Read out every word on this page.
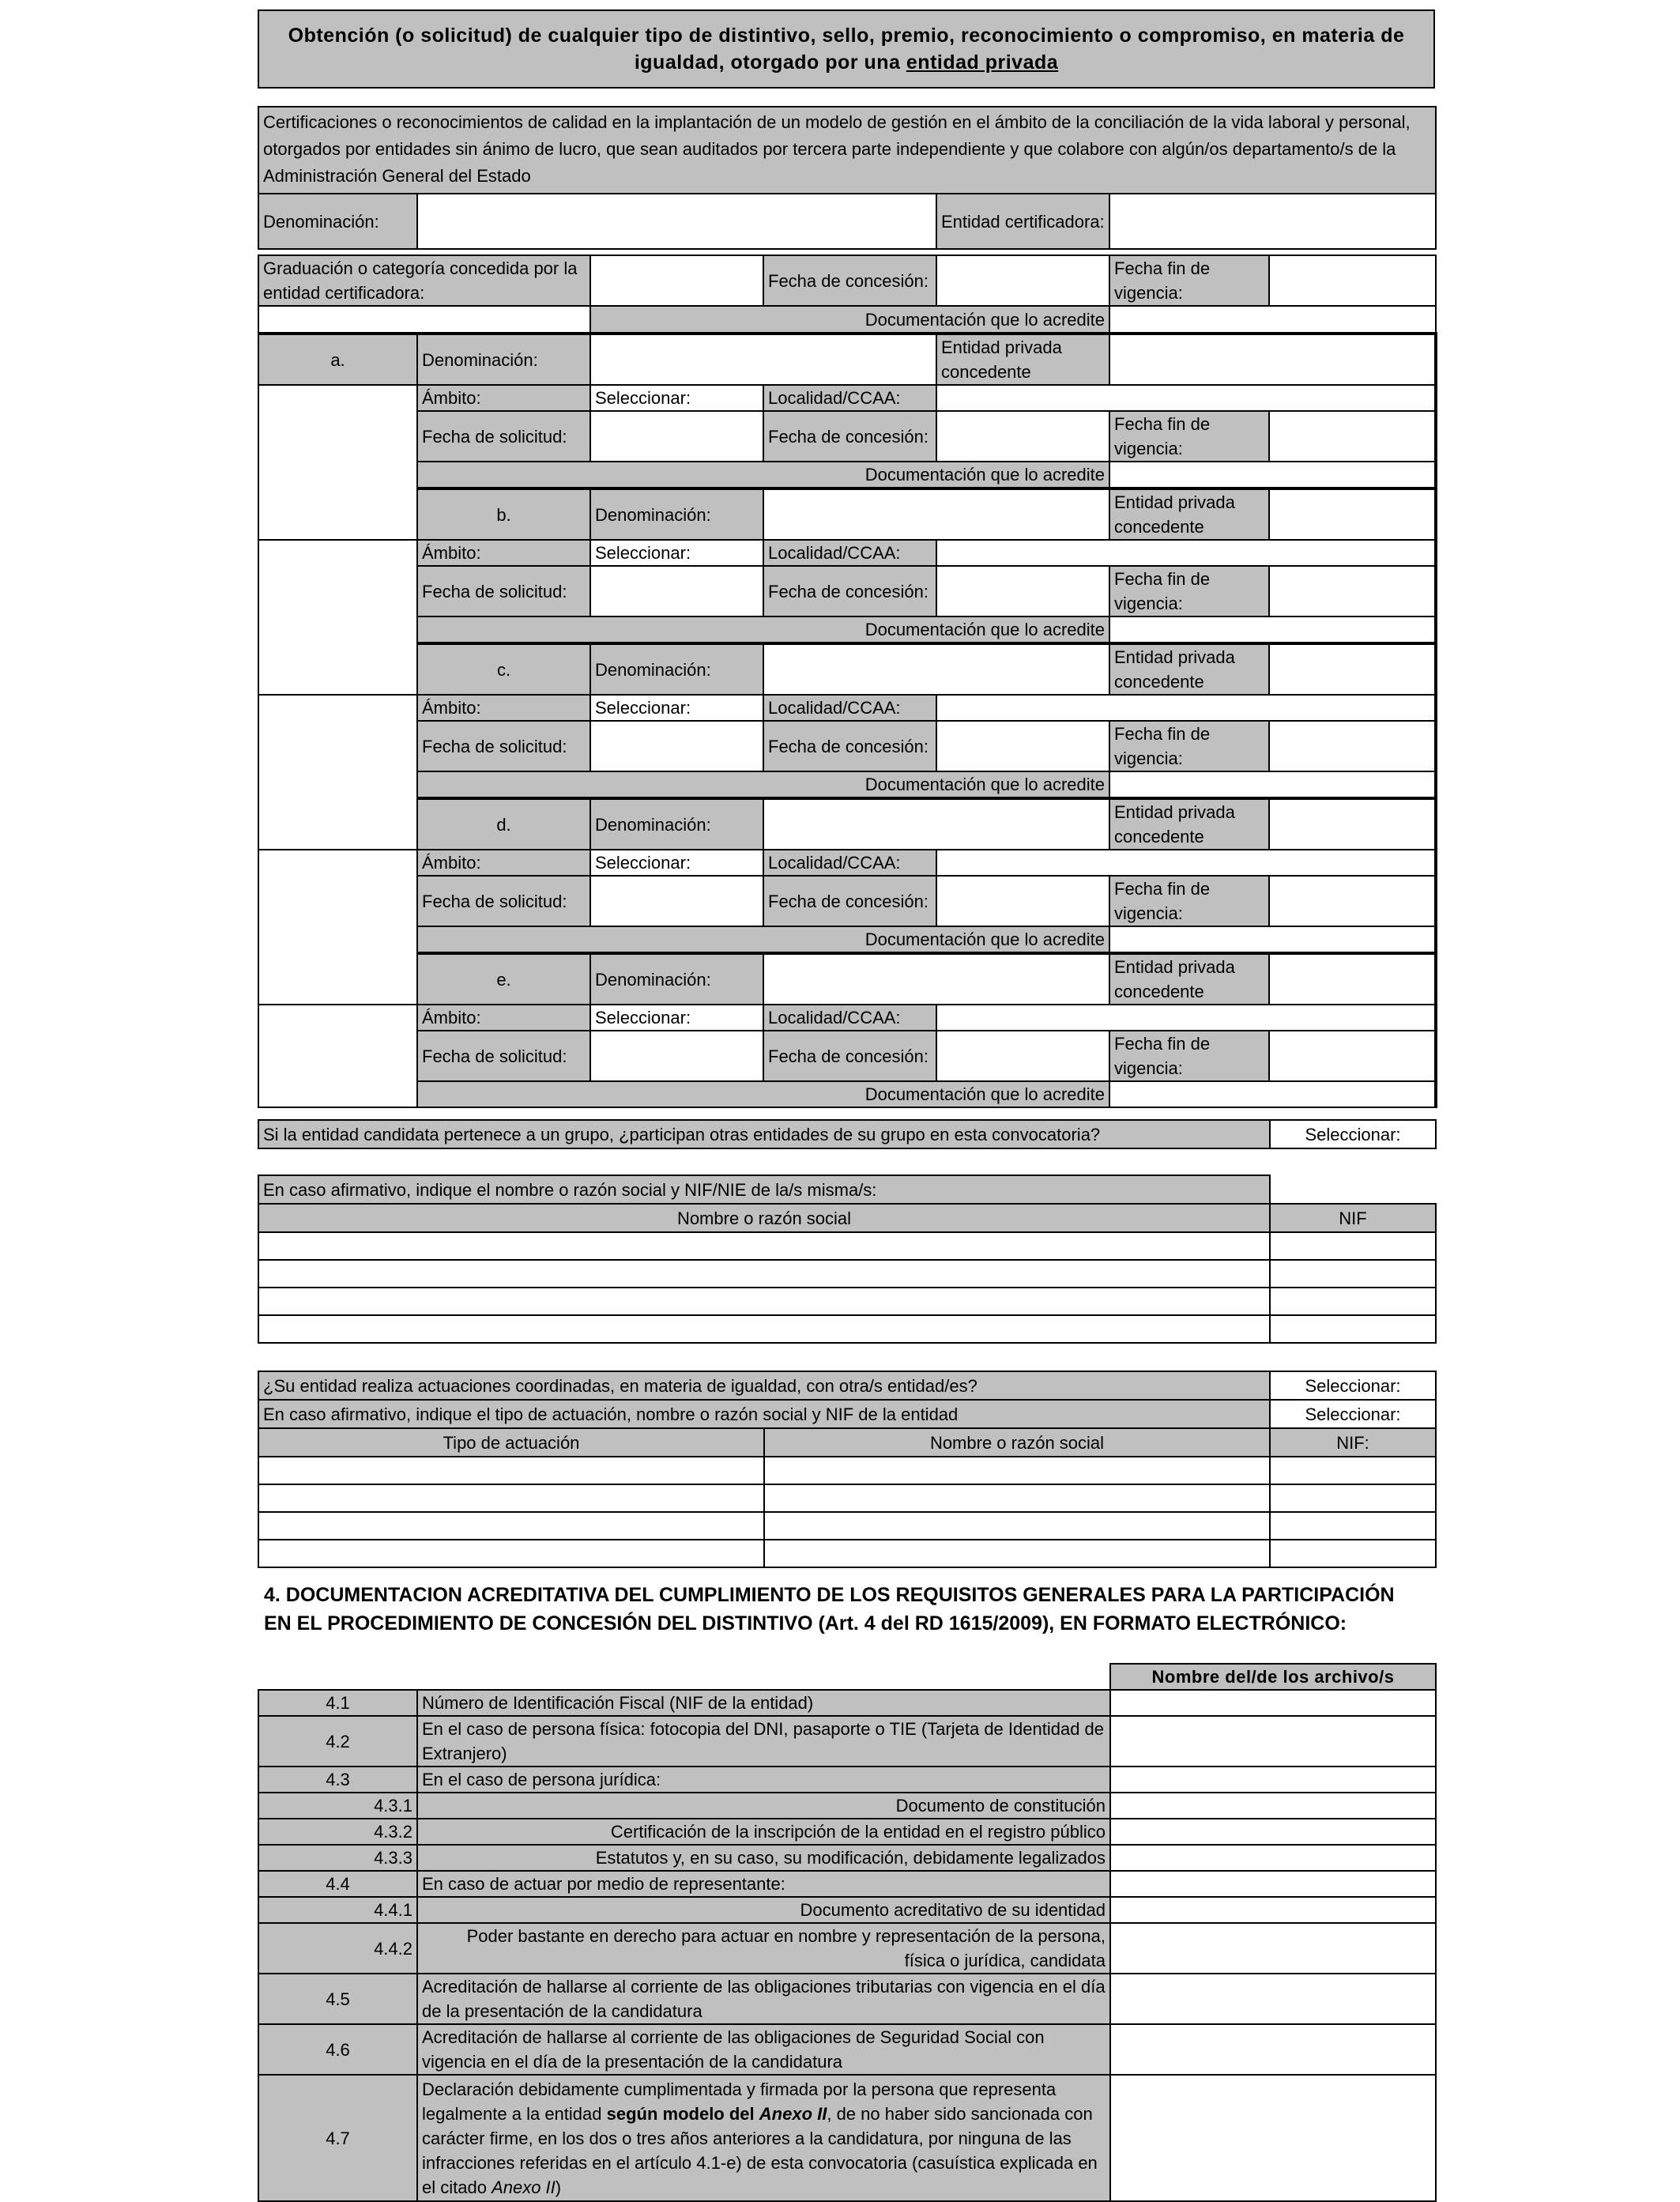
Obtención (o solicitud) de cualquier tipo de distintivo, sello, premio, reconocimiento o compromiso, en materia de
igualdad, otorgado por una entidad privada
Certificaciones o reconocimientos de calidad en la implantación de un modelo de gestión en el ámbito de la conciliación de la vida laboral y personal, otorgados por entidades sin ánimo de lucro, que sean auditados por tercera parte independiente y que colabore con algún/os departamento/s de la Administración General del Estado

Denominación:		Entidad certificadora:

Graduación o categoría concedida por la entidad certificadora:		Fecha de concesión:		Fecha fin de vigencia:	

Documentación que lo acredite				

a.	Denominación:			Entidad privada concedente		

Ámbito:	Seleccionar:	Localidad/CCAA:			

Fecha de solicitud:		Fecha de concesión:		Fecha fin de vigencia:	

Documentación que lo acredite					

b.	Denominación:			Entidad privada concedente	

Ámbito:	Seleccionar:	Localidad/CCAA:			

Fecha de solicitud:		Fecha de concesión:		Fecha fin de vigencia:	

Documentación que lo acredite					

c.	Denominación:			Entidad privada concedente	

Ámbito:	Seleccionar:	Localidad/CCAA:			

Fecha de solicitud:		Fecha de concesión:		Fecha fin de vigencia:	

Documentación que lo acredite					

d.	Denominación:			Entidad privada concedente	

Ámbito:	Seleccionar:	Localidad/CCAA:			

Fecha de solicitud:		Fecha de concesión:		Fecha fin de vigencia:	

Documentación que lo acredite					

e.	Denominación:			Entidad privada concedente	

Ámbito:	Seleccionar:	Localidad/CCAA:			

Fecha de solicitud:		Fecha de concesión:		Fecha fin de vigencia:	

Documentación que lo acredite					

Si la entidad candidata pertenece a un grupo, ¿participan otras entidades de su grupo en esta convocatoria?	Seleccionar:
En caso afirmativo, indique el nombre o razón social y NIF/NIE de la/s misma/s:	

Nombre o razón social	NIF

¿Su entidad realiza actuaciones coordinadas, en materia de igualdad, con otra/s entidad/es?		Seleccionar:

En caso afirmativo, indique el tipo de actuación, nombre o razón social y NIF de la entidad		Seleccionar:

Tipo de actuación	Nombre o razón social	NIF:

4. DOCUMENTACION ACREDITATIVA DEL CUMPLIMIENTO DE LOS REQUISITOS GENERALES PARA LA PARTICIPACIÓN EN EL PROCEDIMIENTO DE CONCESIÓN DEL DISTINTIVO (Art. 4 del RD 1615/2009), EN FORMATO ELECTRÓNICO:

Nombre del/de los archivo/s

4.1	Número de Identificación Fiscal (NIF de la entidad)	

4.2	En el caso de persona física: fotocopia del DNI, pasaporte o TIE (Tarjeta de Identidad de Extranjero)	

4.3	En el caso de persona jurídica:	

4.3.1	Documento de constitución	

4.3.2	Certificación de la inscripción de la entidad en el registro público	

4.3.3	Estatutos y, en su caso, su modificación, debidamente legalizados	

4.4	En caso de actuar por medio de representante:	

4.4.1	Documento acreditativo de su identidad	

4.4.2	Poder bastante en derecho para actuar en nombre y representación de la persona, física o jurídica, candidata	

4.5	Acreditación de hallarse al corriente de las obligaciones tributarias con vigencia en el día de la presentación de la candidatura	

4.6	Acreditación de hallarse al corriente de las obligaciones de Seguridad Social con vigencia en el día de la presentación de la candidatura	

4.7	Declaración debidamente cumplimentada y firmada por la persona que representa legalmente a la entidad según modelo del Anexo II, de no haber sido sancionada con carácter firme, en los dos o tres años anteriores a la candidatura, por ninguna de las infracciones referidas en el artículo 4.1-e) de esta convocatoria (casuística explicada en el citado Anexo II)	
